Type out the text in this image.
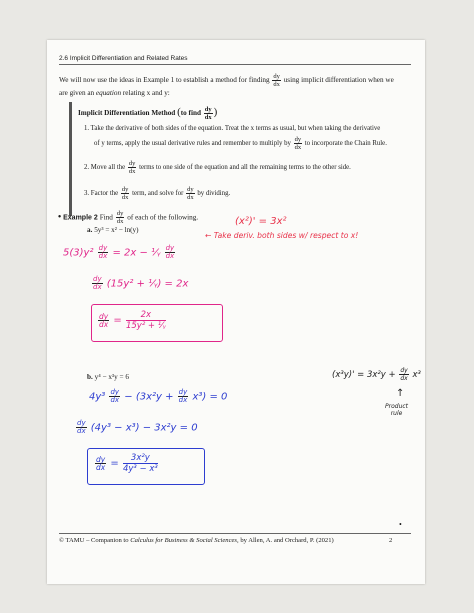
2.6 Implicit Differentiation and Related Rates
We will now use the ideas in Example 1 to establish a method for finding $\frac{dy}{dx}$ using implicit differentiation when we
are given an equation relating x and y:
Implicit Differentiation Method (to find $\frac{dy}{dx}$ )
1. Take the derivative of both sides of the equation. Treat the x terms as usual, but when taking the derivative
of y terms, apply the usual derivative rules and remember to multiply by $\frac{dy}{dx}$ to incorporate the Chain Rule.
2. Move all the $\frac{dy}{dx}$ terms to one side of the equation and all the remaining terms to the other side.
3. Factor the $\frac{dy}{dx}$ term, and solve for $\frac{dy}{dx}$ by dividing.
• Example 2 Find $\frac{dy}{dx}$ of each of the following.
a. 5y³ = x² − ln(y)
(x²)' = 3x²
← Take deriv. both sides w/ respect to x!
$5(3)y^2 \frac{dy}{dx} = 2x$ − ¹⁄ᵧ $\frac{dy}{dx}$
$\frac{dy}{dx} (15y^2$ + ¹⁄ᵧ) = 2x
$\frac{dy}{dx} = \frac{2x}{\text{15y² + ¹⁄ᵧ}}$
b. y⁴ − x³y = 6
$4y^3 \frac{dy}{dx} - (3x^2y + \frac{dy}{dx} x^3) = 0$
$(x^3y)' = 3x^2y + \frac{dy}{dx} x^3$
↑
Product
rule
$\frac{dy}{dx} (4y^3 - x^3) - 3x^2y = 0$
$\frac{dy}{dx} = \frac{\text{3x²y}}{\text{4y³ − x³}}$
•
© TAMU – Companion to Calculus for Business & Social Sciences, by Allen, A. and Orchard, P. (2021)	2
